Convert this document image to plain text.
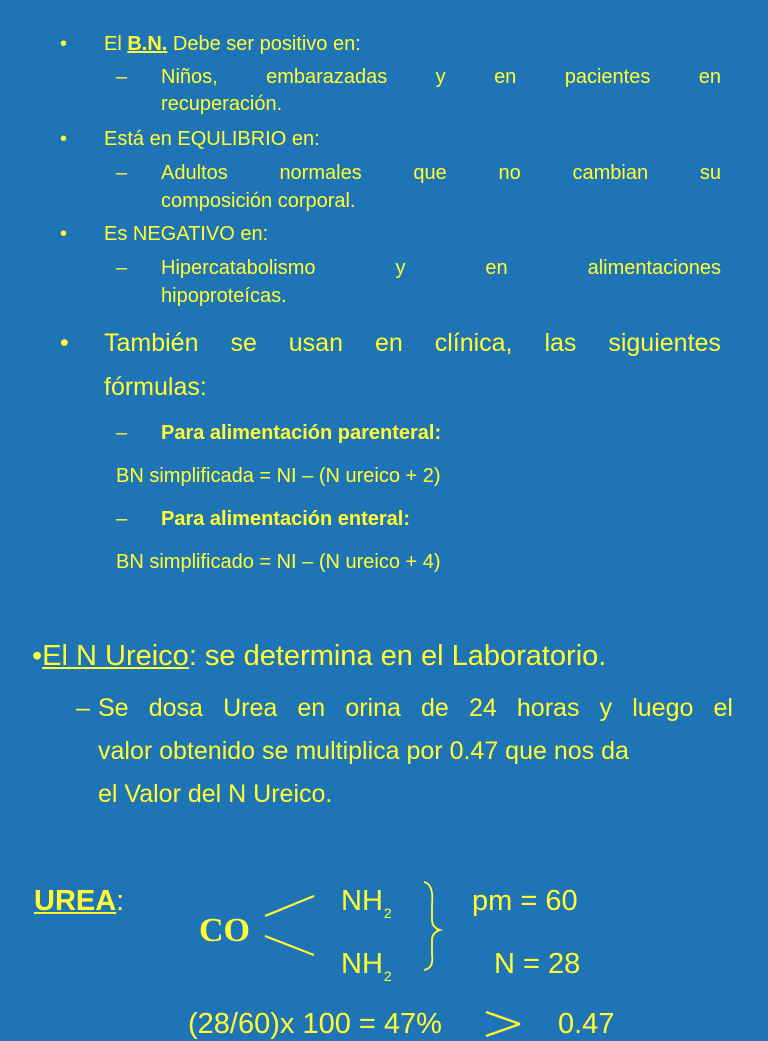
• El B.N. Debe ser positivo en:
– Niños, embarazadas y en pacientes en
recuperación.
• Está en EQULIBRIO en:
– Adultos	normales	que	no	cambian	su
composición corporal.
• Es NEGATIVO en:
– Hipercatabolismo	y	en	alimentaciones
hipoproteícas.
• También se usan en clínica, las siguientes
fórmulas:
– Para alimentación parenteral:
BN simplificada = NI – (N ureico + 2)
– Para alimentación enteral:
BN simplificado = NI – (N ureico + 4)
•El N Ureico: se determina en el Laboratorio.
– Se dosa Urea en orina de 24 horas y luego el
valor obtenido se multiplica por 0.47 que nos da
el Valor del N Ureico.
UREA:
CO
$NH_2$
$NH_2$
pm = 60
N = 28
(28/60)x 100 = 47%	0.47
